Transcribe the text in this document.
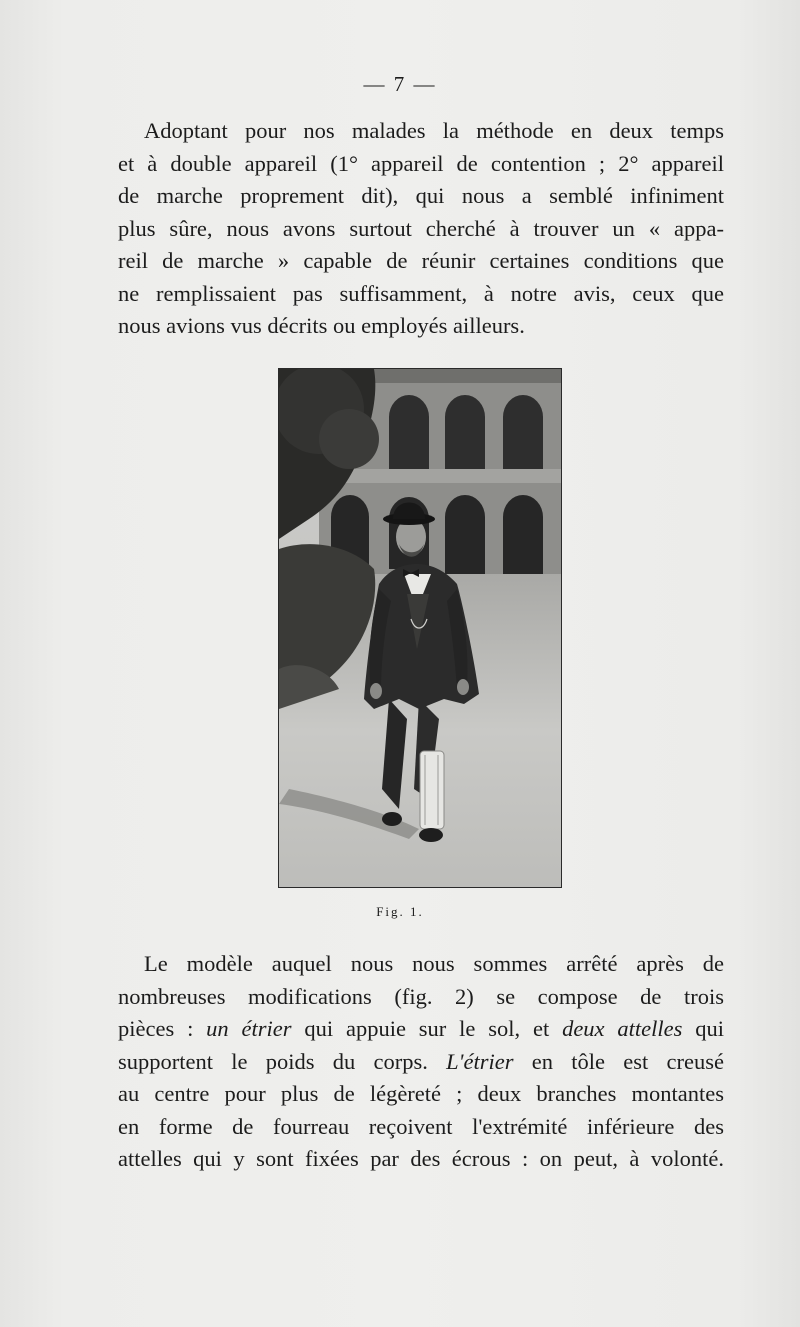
— 7 —
Adoptant pour nos malades la méthode en deux temps
et à double appareil (1° appareil de contention ; 2° appareil
de marche proprement dit), qui nous a semblé infiniment
plus sûre, nous avons surtout cherché à trouver un « appa-
reil de marche » capable de réunir certaines conditions que
ne remplissaient pas suffisamment, à notre avis, ceux que
nous avions vus décrits ou employés ailleurs.
Fig. 1.
Le modèle auquel nous nous sommes arrêté après de
nombreuses modifications (fig. 2) se compose de trois
pièces : un étrier qui appuie sur le sol, et deux attelles qui
supportent le poids du corps. L'étrier en tôle est creusé
au centre pour plus de légèreté ; deux branches montantes
en forme de fourreau reçoivent l'extrémité inférieure des
attelles qui y sont fixées par des écrous : on peut, à volonté.
